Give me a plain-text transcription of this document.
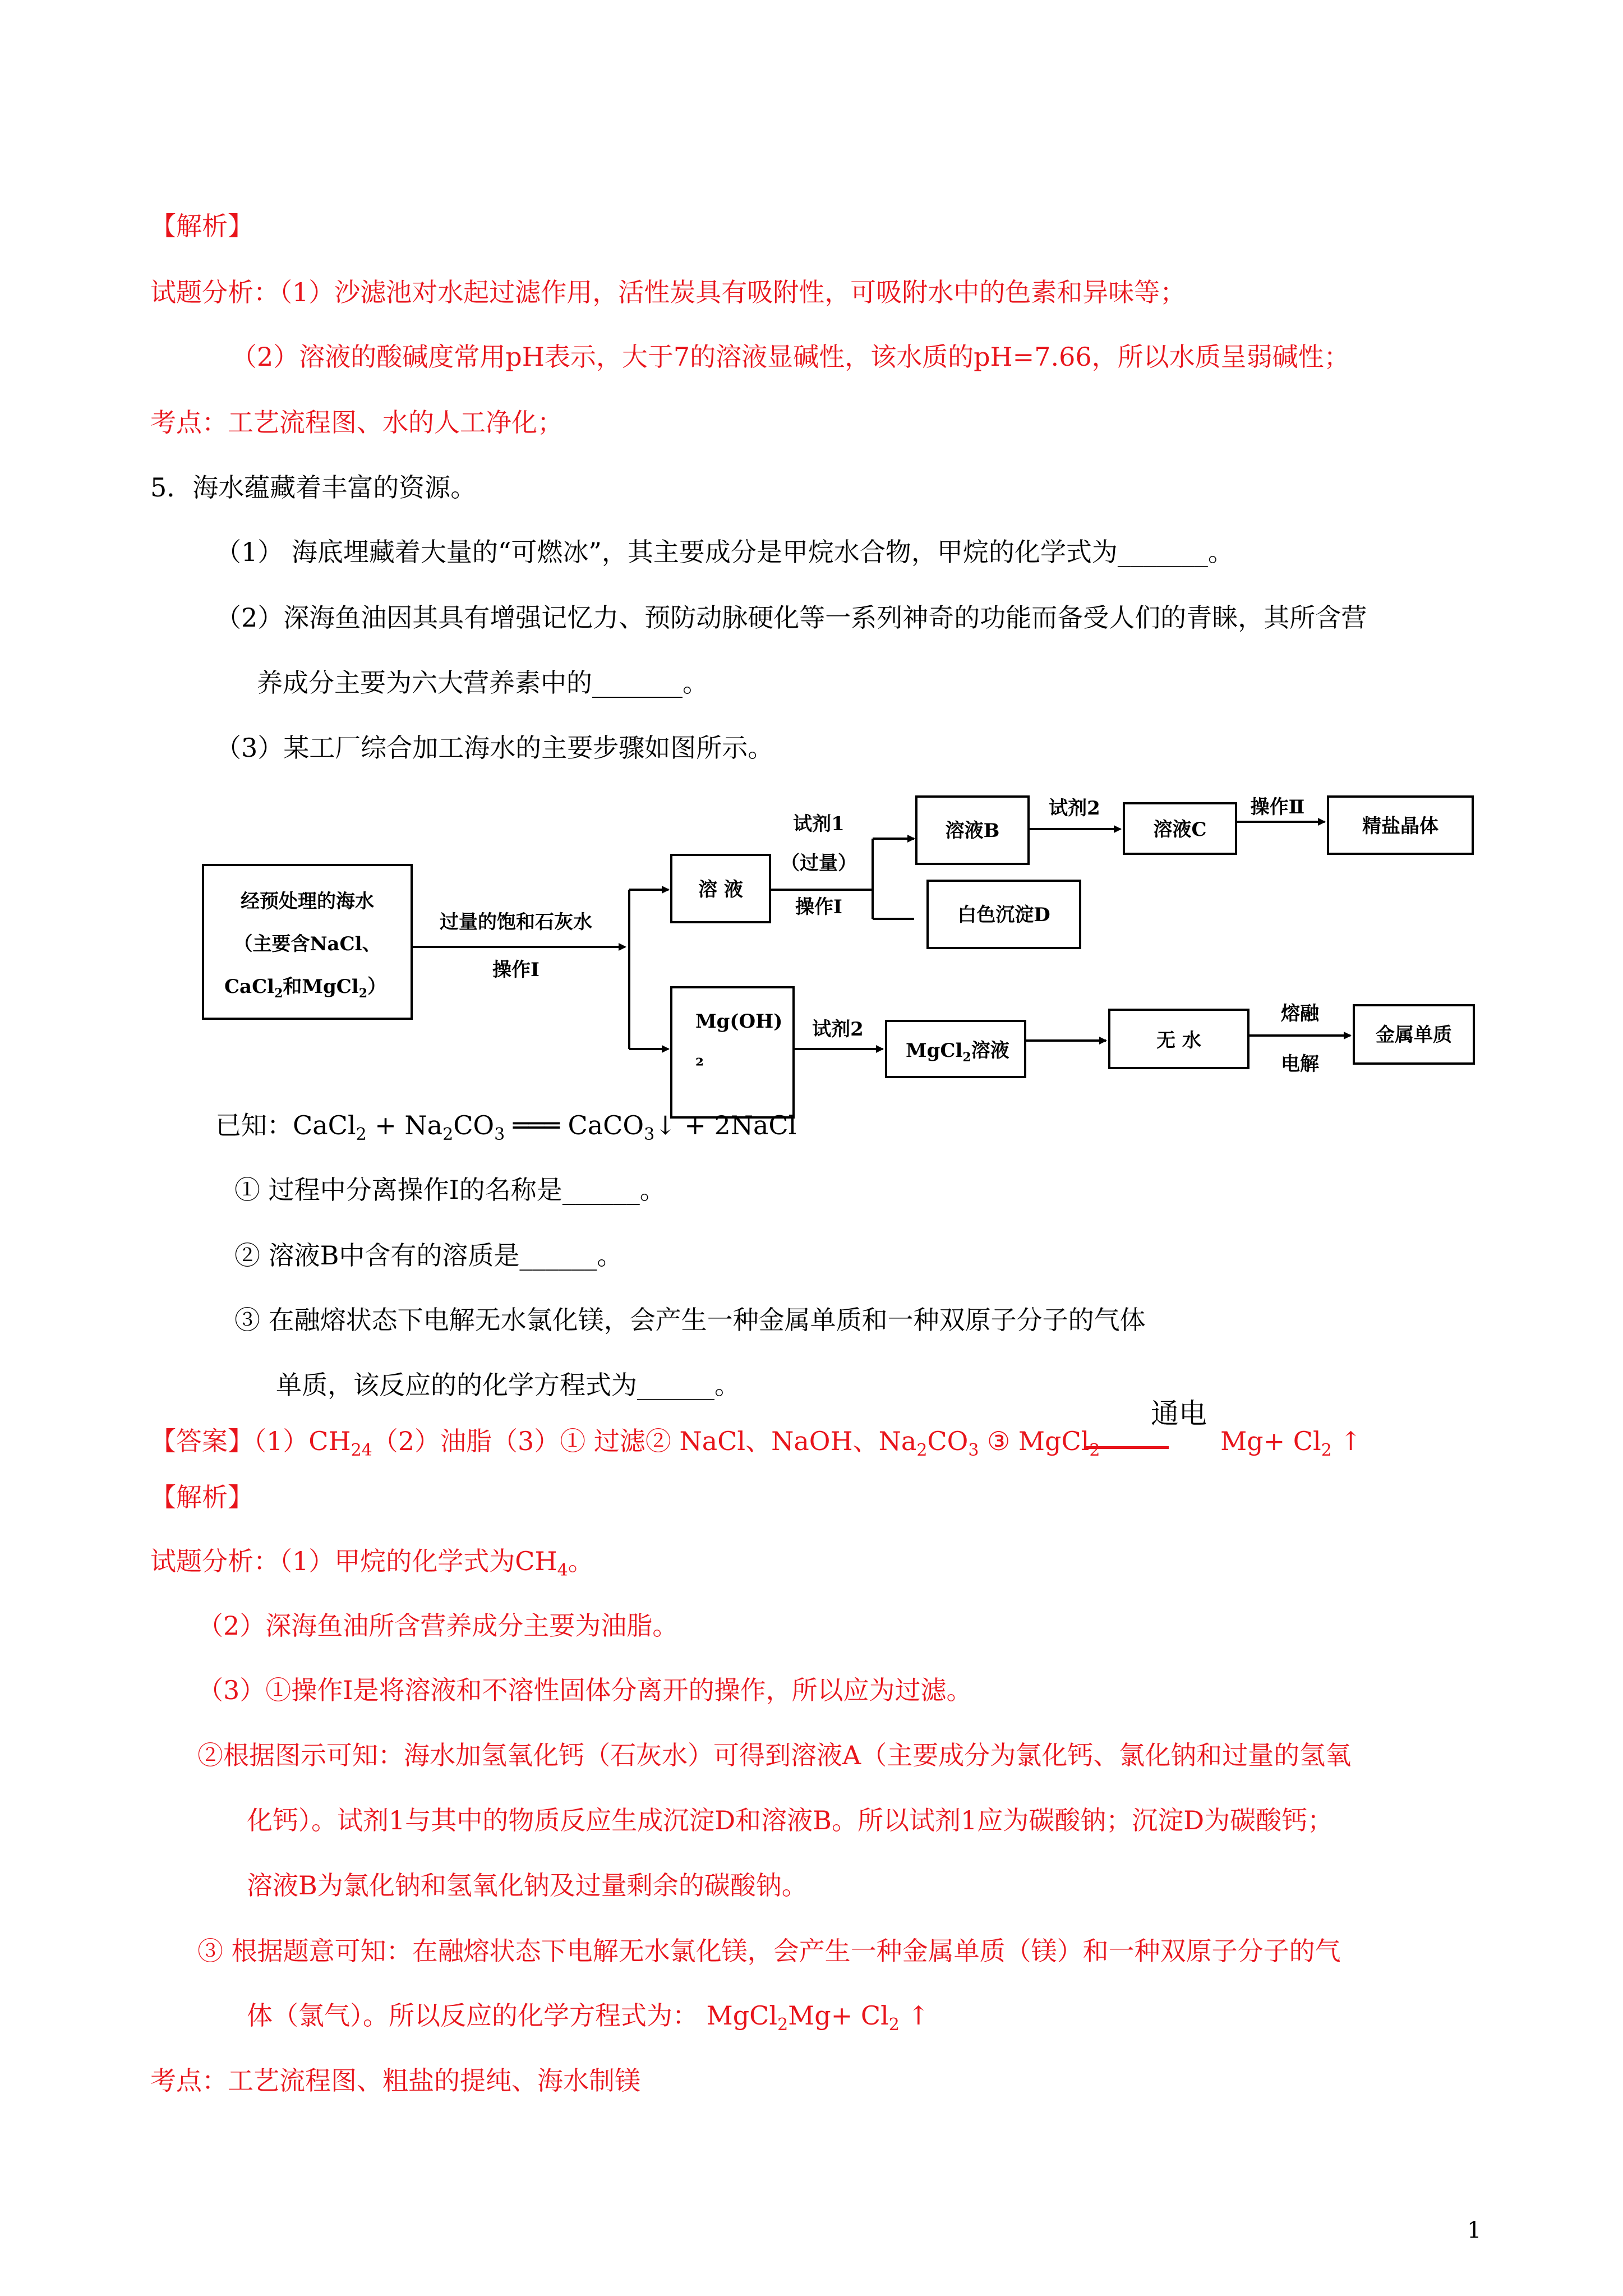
【解析】
试题分析：（1）沙滤池对水起过滤作用，活性炭具有吸附性，可吸附水中的色素和异味等；
（2）溶液的酸碱度常用pH表示，大于7的溶液显碱性，该水质的pH=7.66，所以水质呈弱碱性；
考点：工艺流程图、水的人工净化；
5．海水蕴藏着丰富的资源。
（1） 海底埋藏着大量的“可燃冰”，其主要成分是甲烷水合物，甲烷的化学式为_______。
（2）深海鱼油因其具有增强记忆力、预防动脉硬化等一系列神奇的功能而备受人们的青睐，其所含营
养成分主要为六大营养素中的_______。
（3）某工厂综合加工海水的主要步骤如图所示。
经预处理的海水
（主要含NaCl、
CaCl$_2$和MgCl$_2$）
过量的饱和石灰水
操作Ⅰ
溶 液
试剂1
（过量）
操作Ⅰ
溶液B
试剂2
溶液C
操作Ⅱ
精盐晶体
白色沉淀D
Mg(OH)
₂
试剂2
MgCl$_2$溶液	无 水
熔融
电解
金属单质
已知：CaCl$_2$ + $Na_2CO_3$ ═══ CaCO$_3$↓ + 2NaCl
① 过程中分离操作Ⅰ的名称是______。
② 溶液B中含有的溶质是______。
③ 在融熔状态下电解无水氯化镁，会产生一种金属单质和一种双原子分子的气体
单质，该反应的的化学方程式为______。
【答案】$(1)CH_{24}(2)$油脂（3）① 过滤② NaCl、NaOH、$Na_2CO_3$ ③ MgCl$_2$	$Mg+ Cl_2$ ↑
通电
【解析】
试题分析：（1）甲烷的化学式为$CH_4$。
（2）深海鱼油所含营养成分主要为油脂。
（3）①操作Ⅰ是将溶液和不溶性固体分离开的操作，所以应为过滤。
②根据图示可知：海水加氢氧化钙（石灰水）可得到溶液A（主要成分为氯化钙、氯化钠和过量的氢氧
化钙）。试剂1与其中的物质反应生成沉淀D和溶液B。所以试剂1应为碳酸钠；沉淀D为碳酸钙；
溶液B为氯化钠和氢氧化钠及过量剩余的碳酸钠。
③ 根据题意可知：在融熔状态下电解无水氯化镁，会产生一种金属单质（镁）和一种双原子分子的气
体（氯气）。所以反应的化学方程式为： MgCl$_2$Mg+ $Cl_2$ ↑
考点：工艺流程图、粗盐的提纯、海水制镁
1
